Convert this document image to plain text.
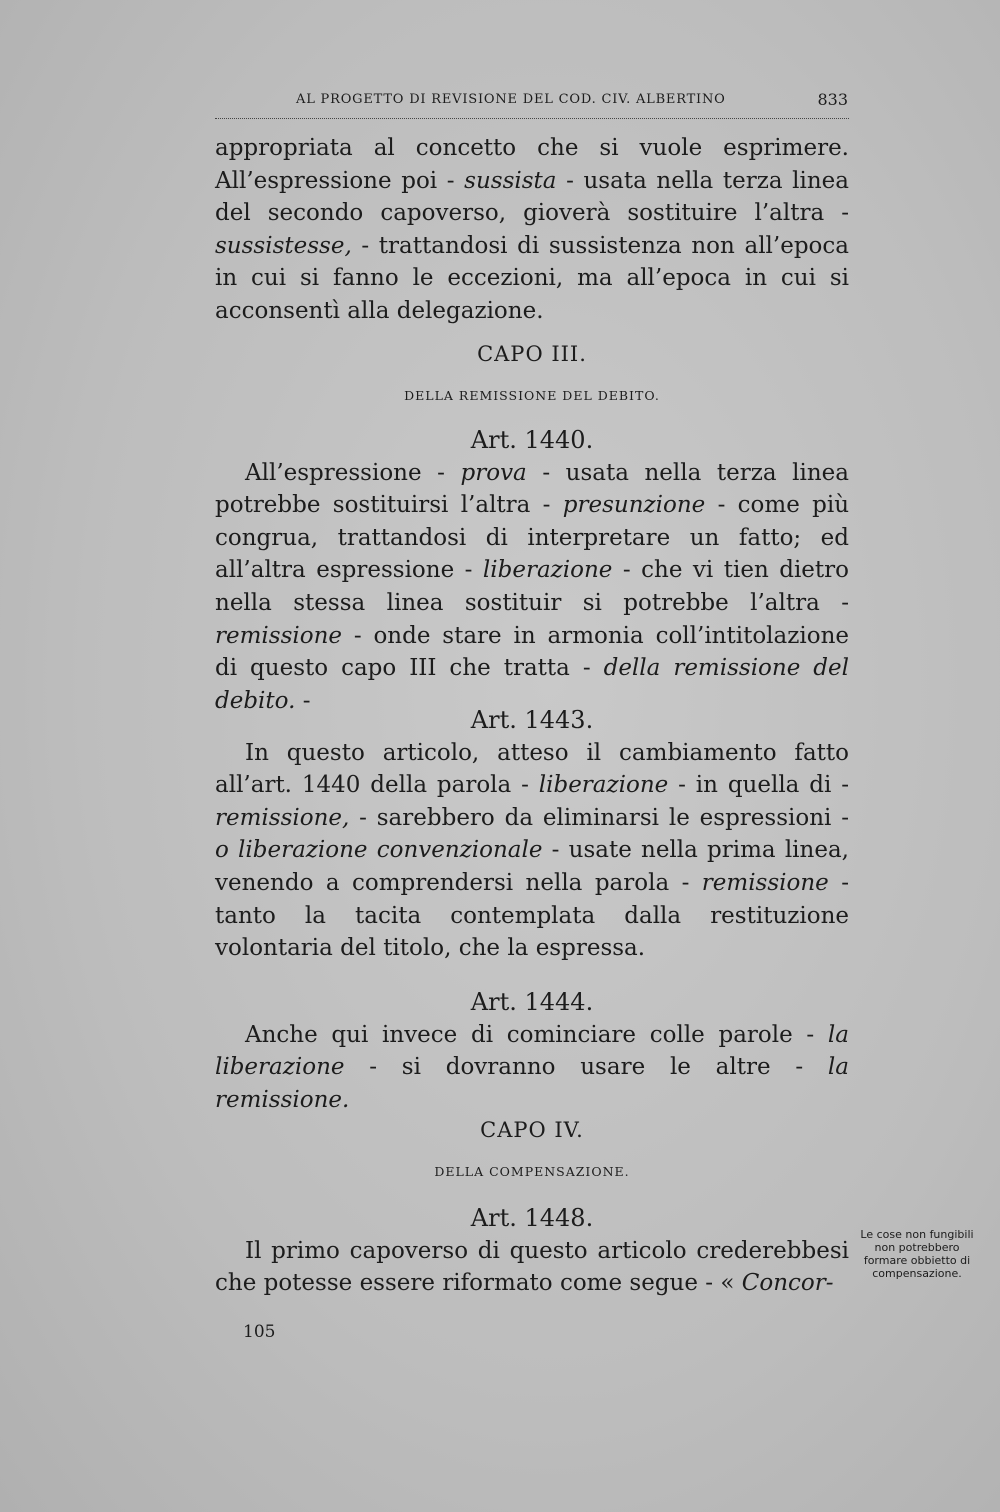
AL PROGETTO DI REVISIONE DEL COD. CIV. ALBERTINO	833

appropriata al concetto che si vuole esprimere. All’espressione poi - sussista - usata nella terza linea del secondo capoverso, gioverà sostituire l’altra - sussistesse, - trattandosi di sussistenza non all’epoca in cui si fanno le eccezioni, ma all’epoca in cui si acconsentì alla delegazione.

CAPO III.

DELLA REMISSIONE DEL DEBITO.

Art. 1440.

All’espressione - prova - usata nella terza linea potrebbe sostituirsi l’altra - presunzione - come più congrua, trattandosi di interpretare un fatto; ed all’altra espressione - liberazione - che vi tien dietro nella stessa linea sostituir si potrebbe l’altra - remissione - onde stare in armonia coll’intitolazione di questo capo III che tratta - della remissione del debito. -

Art. 1443.

In questo articolo, atteso il cambiamento fatto all’art. 1440 della parola - liberazione - in quella di - remissione, - sarebbero da eliminarsi le espressioni - o liberazione convenzionale - usate nella prima linea, venendo a comprendersi nella parola - remissione - tanto la tacita contemplata dalla restituzione volontaria del titolo, che la espressa.

Art. 1444.

Anche qui invece di cominciare colle parole - la liberazione - si dovranno usare le altre - la remissione.

CAPO IV.

DELLA COMPENSAZIONE.

Art. 1448.

Il primo capoverso di questo articolo crederebbesi che potesse essere riformato come segue - « Concor-

Le cose non fungibili non potrebbero formare obbietto di compensazione.
105
